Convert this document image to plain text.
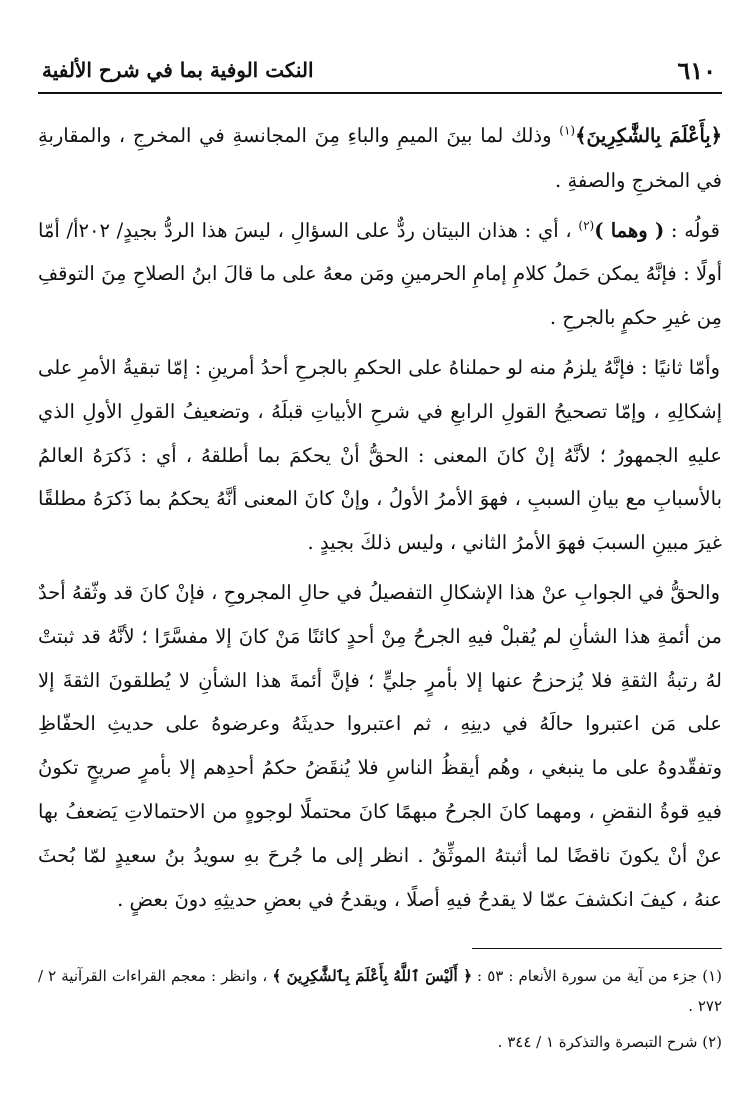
٦١٠
النكت الوفية بما في شرح الألفية

﴿بِأَعْلَمَ بِالشَّٰكِرِينَ﴾$^{(١)}$ وذلك لما بينَ الميمِ والباءِ مِنَ المجانسةِ في المخرجِ ، والمقاربةِ في المخرجِ والصفةِ .

قولُه : ( وهما )$^{(٢)}$ ، أي : هذان البيتان ردٌّ على السؤالِ ، ليسَ هذا الردُّ بجيدٍ/ ٢٠٢أ/ أمّا أولًا : فإنَّهُ يمكن حَملُ كلامِ إمامِ الحرمينِ ومَن معهُ على ما قالَ ابنُ الصلاحِ مِنَ التوقفِ مِن غيرِ حكمٍ بالجرحِ .

وأمّا ثانيًا : فإنَّهُ يلزمُ منه لو حملناهُ على الحكمِ بالجرحِ أحدُ أمرينِ : إمّا تبقيةُ الأمرِ على إشكالِهِ ، وإمّا تصحيحُ القولِ الرابعِ في شرحِ الأبياتِ قبلَهُ ، وتضعيفُ القولِ الأولِ الذي عليهِ الجمهورُ ؛ لأنَّهُ إنْ كانَ المعنى : الحقُّ أنْ يحكمَ بما أطلقهُ ، أي : ذَكرَهُ العالمُ بالأسبابِ مع بيانِ السببِ ، فهوَ الأمرُ الأولُ ، وإنْ كانَ المعنى أنَّهُ يحكمُ بما ذَكرَهُ مطلقًا غيرَ مبينِ السببَ فهوَ الأمرُ الثاني ، وليس ذلكَ بجيدٍ .

والحقُّ في الجوابِ عنْ هذا الإشكالِ التفصيلُ في حالِ المجروحِ ، فإنْ كانَ قد وثّقهُ أحدٌ من أئمةِ هذا الشأنِ لم يُقبلْ فيهِ الجرحُ مِنْ أحدٍ كائنًا مَنْ كانَ إلا مفسَّرًا ؛ لأنَّهُ قد ثبتتْ لهُ رتبةُ الثقةِ فلا يُزحزحُ عنها إلا بأمرٍ جليٍّ ؛ فإنَّ أئمةَ هذا الشأنِ لا يُطلقونَ الثقةَ إلا على مَن اعتبروا حالَهُ في دينِهِ ، ثم اعتبروا حديثَهُ وعرضوهُ على حديثِ الحفّاظِ وتفقّدوهُ على ما ينبغي ، وهُم أيقظُ الناسِ فلا يُنقَضُ حكمُ أحدِهم إلا بأمرٍ صريحٍ تكونُ فيهِ قوةُ النقضِ ، ومهما كانَ الجرحُ مبهمًا كانَ محتملًا لوجوهٍ من الاحتمالاتِ يَضعفُ بها عنْ أنْ يكونَ ناقضًا لما أثبتهُ الموثِّقُ . انظر إلى ما جُرحَ بهِ سويدُ بنُ سعيدٍ لمّا بُحثَ عنهُ ، كيفَ انكشفَ عمّا لا يقدحُ فيهِ أصلًا ، ويقدحُ في بعضِ حديثِهِ دونَ بعضٍ .

(١) جزء من آية من سورة الأنعام : ٥٣ : ﴿ أَلَيْسَ ٱللَّهُ بِأَعْلَمَ بِٱلشَّٰكِرِينَ ﴾ ، وانظر : معجم القراءات القرآنية ٢ / ٢٧٢ .

(٢) شرح التبصرة والتذكرة ١ / ٣٤٤ .
